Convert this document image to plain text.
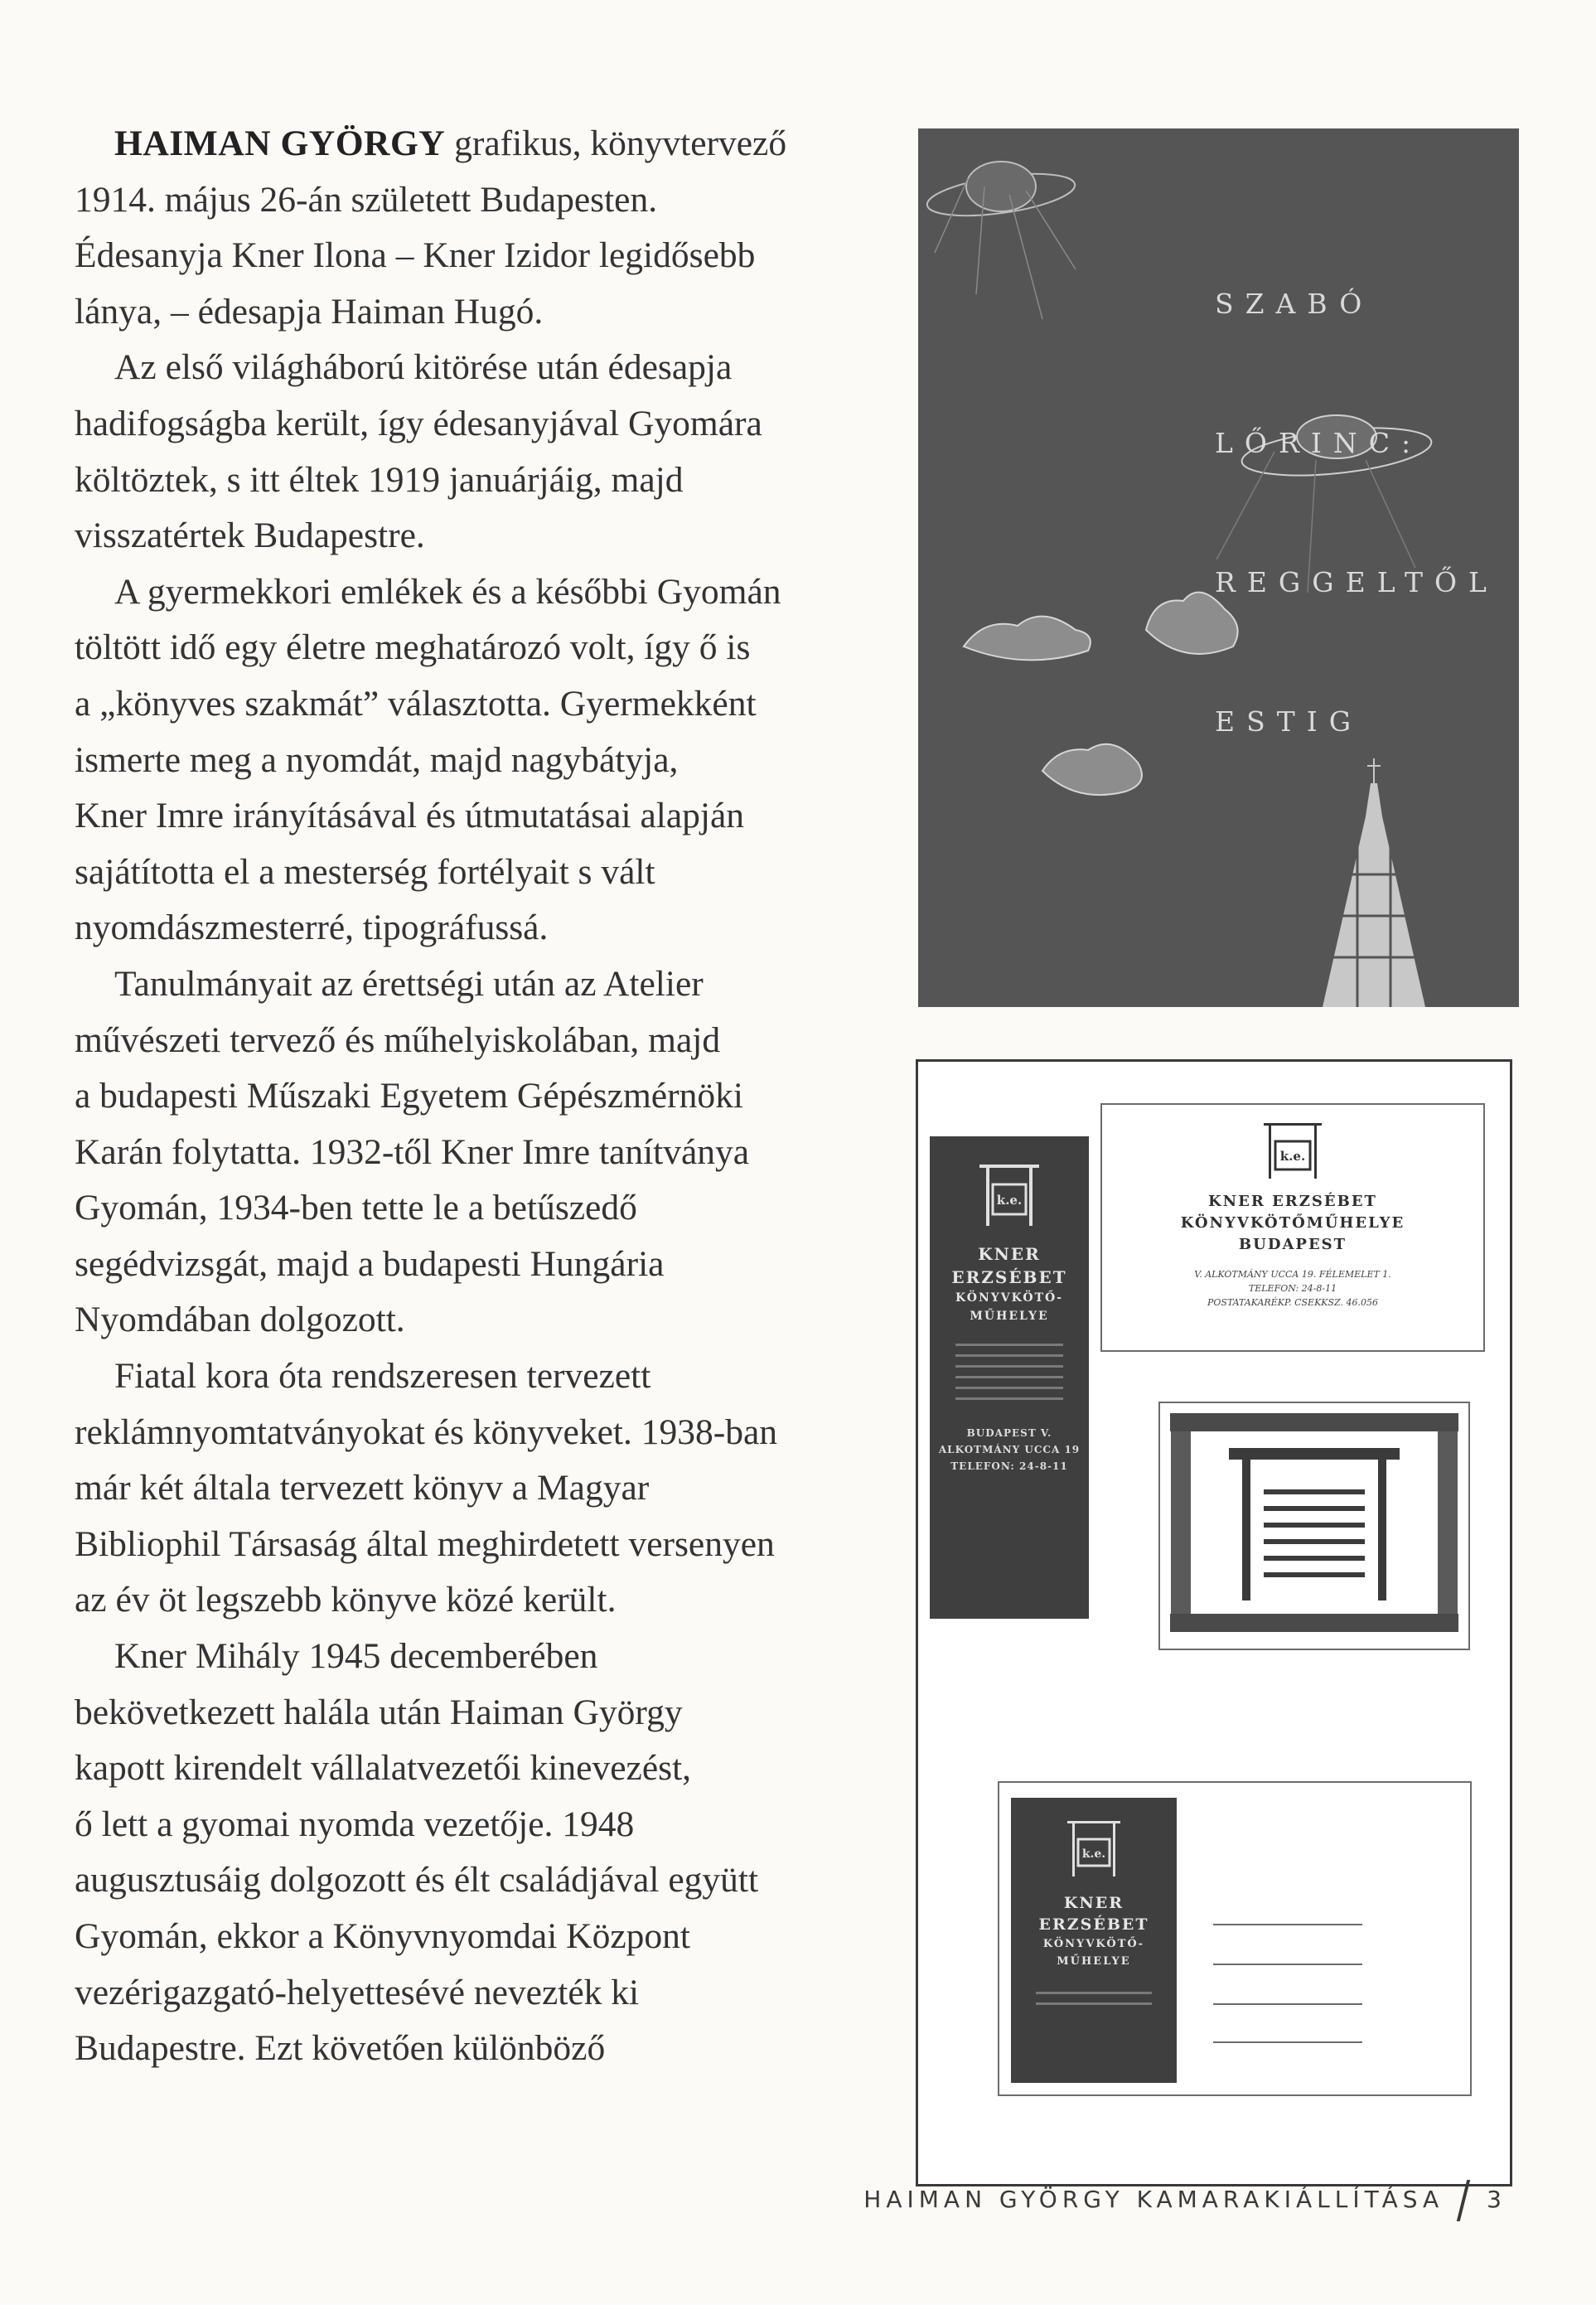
HAIMAN GYÖRGY grafikus, könyvtervező
1914. május 26-án született Budapesten.
Édesanyja Kner Ilona – Kner Izidor legidősebb
lánya, – édesapja Haiman Hugó.

Az első világháború kitörése után édesapja
hadifogságba került, így édesanyjával Gyomára
költöztek, s itt éltek 1919 januárjáig, majd
visszatértek Budapestre.

A gyermekkori emlékek és a későbbi Gyomán
töltött idő egy életre meghatározó volt, így ő is
a „könyves szakmát” választotta. Gyermekként
ismerte meg a nyomdát, majd nagybátyja,
Kner Imre irányításával és útmutatásai alapján
sajátította el a mesterség fortélyait s vált
nyomdászmesterré, tipográfussá.

Tanulmányait az érettségi után az Atelier
művészeti tervező és műhelyiskolában, majd
a budapesti Műszaki Egyetem Gépészmérnöki
Karán folytatta. 1932-től Kner Imre tanítványa
Gyomán, 1934-ben tette le a betűszedő
segédvizsgát, majd a budapesti Hungária
Nyomdában dolgozott.

Fiatal kora óta rendszeresen tervezett
reklámnyomtatványokat és könyveket. 1938-ban
már két általa tervezett könyv a Magyar
Bibliophil Társaság által meghirdetett versenyen
az év öt legszebb könyve közé került.

Kner Mihály 1945 decemberében
bekövetkezett halála után Haiman György
kapott kirendelt vállalatvezetői kinevezést,
ő lett a gyomai nyomda vezetője. 1948
augusztusáig dolgozott és élt családjával együtt
Gyomán, ekkor a Könyvnyomdai Központ
vezérigazgató-helyettesévé nevezték ki
Budapestre. Ezt követően különböző

SZABÓ

LŐRINC:

REGGELTŐL

ESTIG

k.e.
KNER
ERZSÉBET
KÖNYVKÖTŐ-
MŰHELYE
BUDAPEST V.
ALKOTMÁNY UCCA 19
TELEFON: 24-8-11
k.e.
KNER ERZSÉBET
KÖNYVKÖTŐMŰHELYE
BUDAPEST
V. ALKOTMÁNY UCCA 19. FÉLEMELET 1.
TELEFON: 24-8-11
POSTATAKARÉKP. CSEKKSZ. 46.056
k.e.
KNER
ERZSÉBET
KÖNYVKÖTŐ-
MŰHELYE
HAIMAN GYÖRGY KAMARAKIÁLLÍTÁSA 3
